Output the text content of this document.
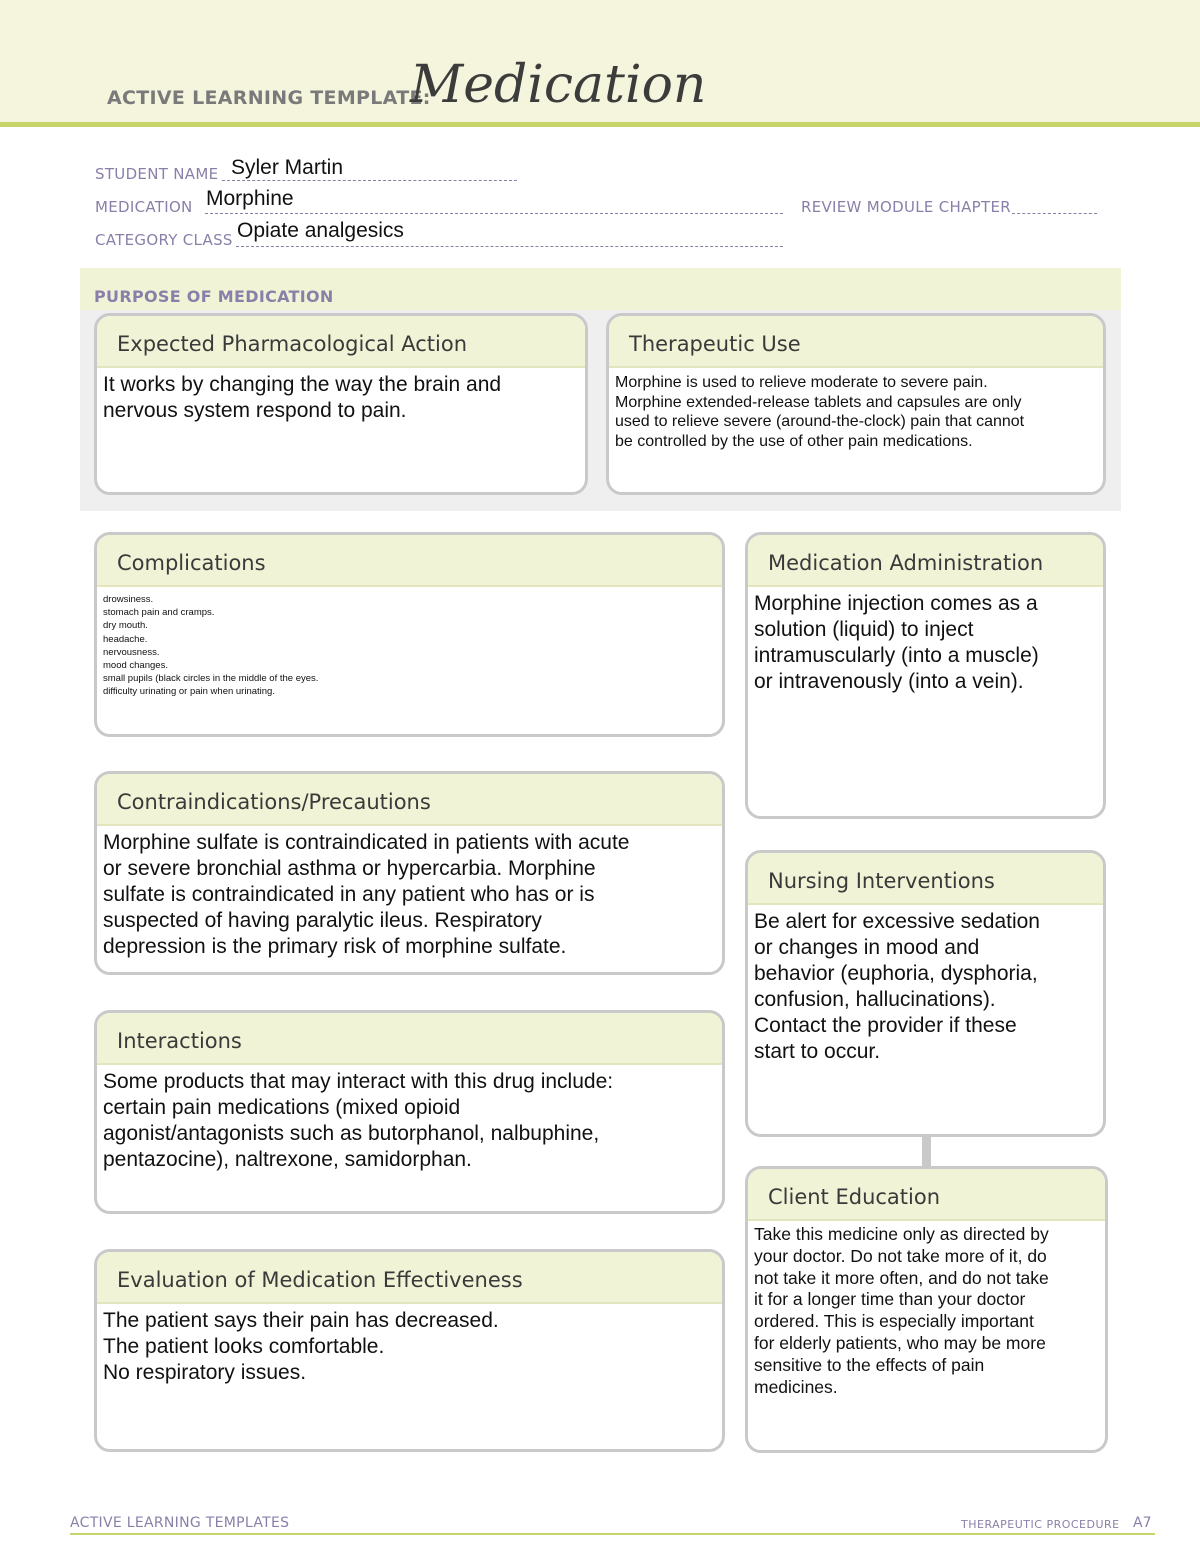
ACTIVE LEARNING TEMPLATE:
Medication
STUDENT NAME Syler Martin
MEDICATION Morphine	REVIEW MODULE CHAPTER
CATEGORY CLASS Opiate analgesics
PURPOSE OF MEDICATION
Expected Pharmacological Action
It works by changing the way the brain and
nervous system respond to pain.
Therapeutic Use
Morphine is used to relieve moderate to severe pain.
Morphine extended-release tablets and capsules are only
used to relieve severe (around-the-clock) pain that cannot
be controlled by the use of other pain medications.
Complications
drowsiness.
stomach pain and cramps.
dry mouth.
headache.
nervousness.
mood changes.
small pupils (black circles in the middle of the eyes.
difficulty urinating or pain when urinating.
Contraindications/Precautions
Morphine sulfate is contraindicated in patients with acute
or severe bronchial asthma or hypercarbia. Morphine
sulfate is contraindicated in any patient who has or is
suspected of having paralytic ileus. Respiratory
depression is the primary risk of morphine sulfate.
Interactions
Some products that may interact with this drug include:
certain pain medications (mixed opioid
agonist/antagonists such as butorphanol, nalbuphine,
pentazocine), naltrexone, samidorphan.
Evaluation of Medication Effectiveness
The patient says their pain has decreased.
The patient looks comfortable.
No respiratory issues.
Medication Administration
Morphine injection comes as a
solution (liquid) to inject
intramuscularly (into a muscle)
or intravenously (into a vein).
Nursing Interventions
Be alert for excessive sedation
or changes in mood and
behavior (euphoria, dysphoria,
confusion, hallucinations).
Contact the provider if these
start to occur.
Client Education
Take this medicine only as directed by
your doctor. Do not take more of it, do
not take it more often, and do not take
it for a longer time than your doctor
ordered. This is especially important
for elderly patients, who may be more
sensitive to the effects of pain
medicines.
ACTIVE LEARNING TEMPLATES	THERAPEUTIC PROCEDURE A7
